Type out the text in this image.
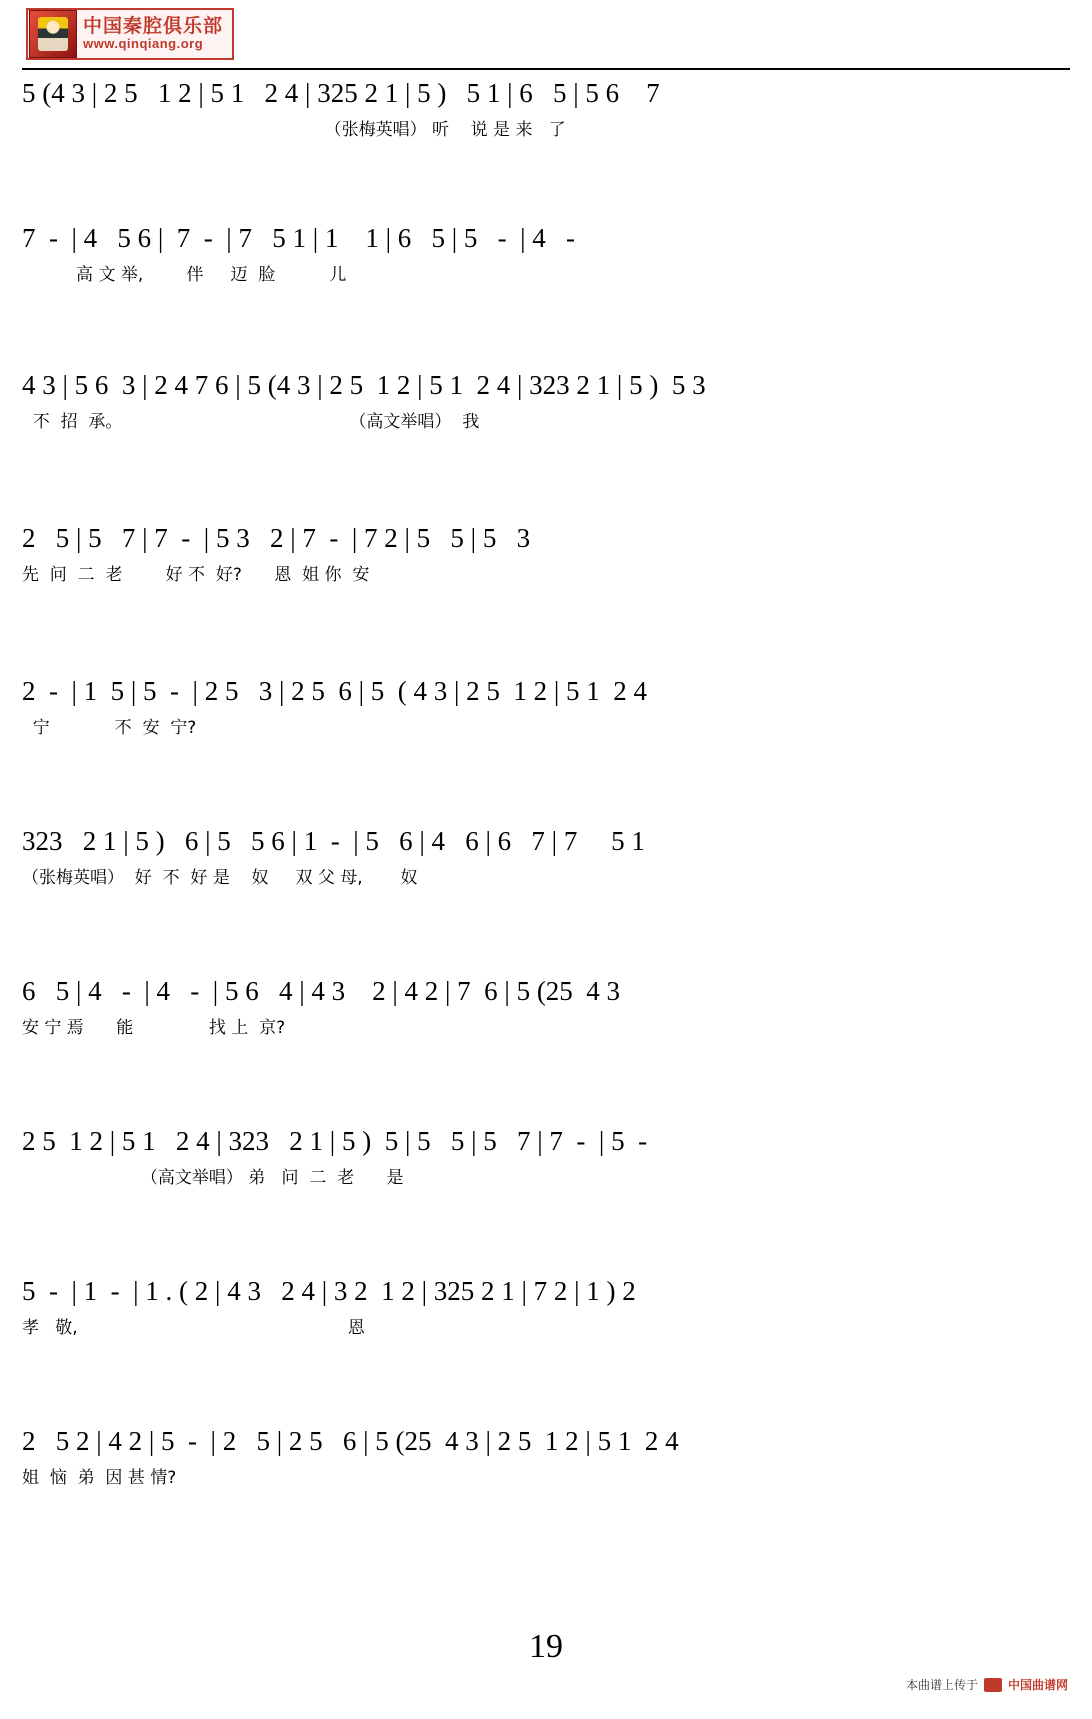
中国秦腔俱乐部
www.qinqiang.org
5 (4 3 | 2 5   1 2 | 5 1   2 4 | 325 2 1 | 5 )   5 1 | 6   5 | 5 6    7
（张梅英唱） 听    说 是 来   了
7  -  | 4   5 6 |  7  -  | 7   5 1 | 1    1 | 6   5 | 5   -  | 4   -
高 文 举,        伴     迈  脸          儿
4 3 | 5 6  3 | 2 4 7 6 | 5 (4 3 | 2 5  1 2 | 5 1  2 4 | 323 2 1 | 5 )  5 3
不  招  承。                                          （高文举唱）  我
2   5 | 5   7 | 7  -  | 5 3   2 | 7  -  | 7 2 | 5   5 | 5   3
先  问  二  老        好 不  好?      恩  姐 你  安
2  -  | 1  5 | 5  -  | 2 5   3 | 2 5  6 | 5  ( 4 3 | 2 5  1 2 | 5 1  2 4
宁            不  安  宁?
323   2 1 | 5 )   6 | 5   5 6 | 1  -  | 5   6 | 4   6 | 6   7 | 7     5 1
（张梅英唱）  好  不  好 是    奴     双 父 母,       奴
6   5 | 4   -  | 4   -  | 5 6   4 | 4 3    2 | 4 2 | 7  6 | 5 (25  4 3
安 宁 焉      能              找 上  京?
2 5  1 2 | 5 1   2 4 | 323   2 1 | 5 )  5 | 5   5 | 5   7 | 7  -  | 5  -
（高文举唱） 弟   问  二  老      是
5  -  | 1  -  | 1 . ( 2 | 4 3   2 4 | 3 2  1 2 | 325 2 1 | 7 2 | 1 ) 2
孝   敬,                                                  恩
2   5 2 | 4 2 | 5  -  | 2   5 | 2 5   6 | 5 (25  4 3 | 2 5  1 2 | 5 1  2 4
姐  恼  弟  因 甚 情?
19
本曲谱上传于	中国曲谱网
